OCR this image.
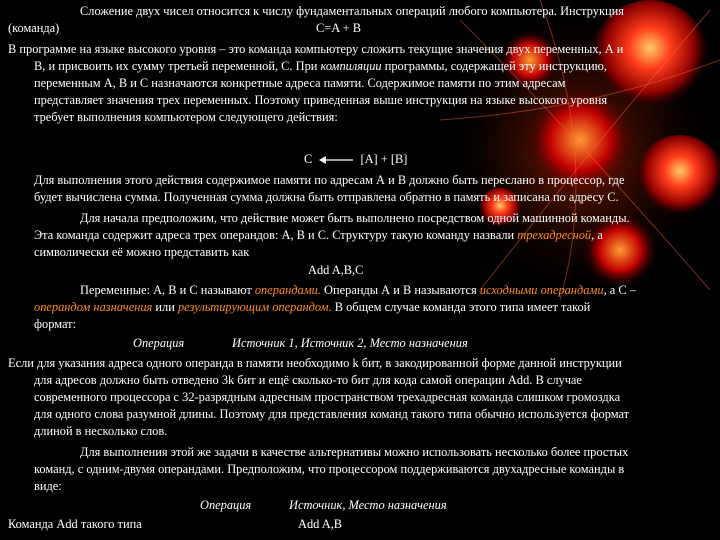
Сложение двух чисел относится к числу фундаментальных операций любого компьютера. Инструкция
(команда)	C=A + B
В программе на языке высокого уровня – это команда компьютеру сложить текущие значения двух переменных, А и
В, и присвоить их сумму третьей переменной, С. При компиляции программы, содержащей эту инструкцию,
переменным А, В и С назначаются конкретные адреса памяти. Содержимое памяти по этим адресам
представляет значения трех переменных. Поэтому приведенная выше инструкция на языке высокого уровня
требует выполнения компьютером следующего действия:
C	[A] + [B]
Для выполнения этого действия содержимое памяти по адресам А и В должно быть переслано в процессор, где
будет вычислена сумма. Полученная сумма должна быть отправлена обратно в память и записана по адресу С.
Для начала предположим, что действие может быть выполнено посредством одной машинной команды.
Эта команда содержит адреса трех операндов: А, В и С. Структуру такую команду назвали трехадресной, а
символически её можно представить как
Add A,B,C
Переменные: А, В и С называют операндами. Операнды А и В называются исходными операндами, а С –
операндом назначения или результирующим операндом. В общем случае команда этого типа имеет такой
формат:
Операция	Источник 1, Источник 2, Место назначения
Если для указания адреса одного операнда в памяти необходимо k бит, в закодированной форме данной инструкции
для адресов должно быть отведено 3k бит и ещё сколько-то бит для кода самой операции Add. В случае
современного процессора с 32-разрядным адресным пространством трехадресная команда слишком громоздка
для одного слова разумной длины. Поэтому для представления команд такого типа обычно используется формат
длиной в несколько слов.
Для выполнения этой же задачи в качестве альтернативы можно использовать несколько более простых
команд, с одним-двумя операндами. Предположим, что процессором поддерживаются двухадресные команды в
виде:
Операция	Источник, Место назначения
Команда Add такого типа	Add A,B
